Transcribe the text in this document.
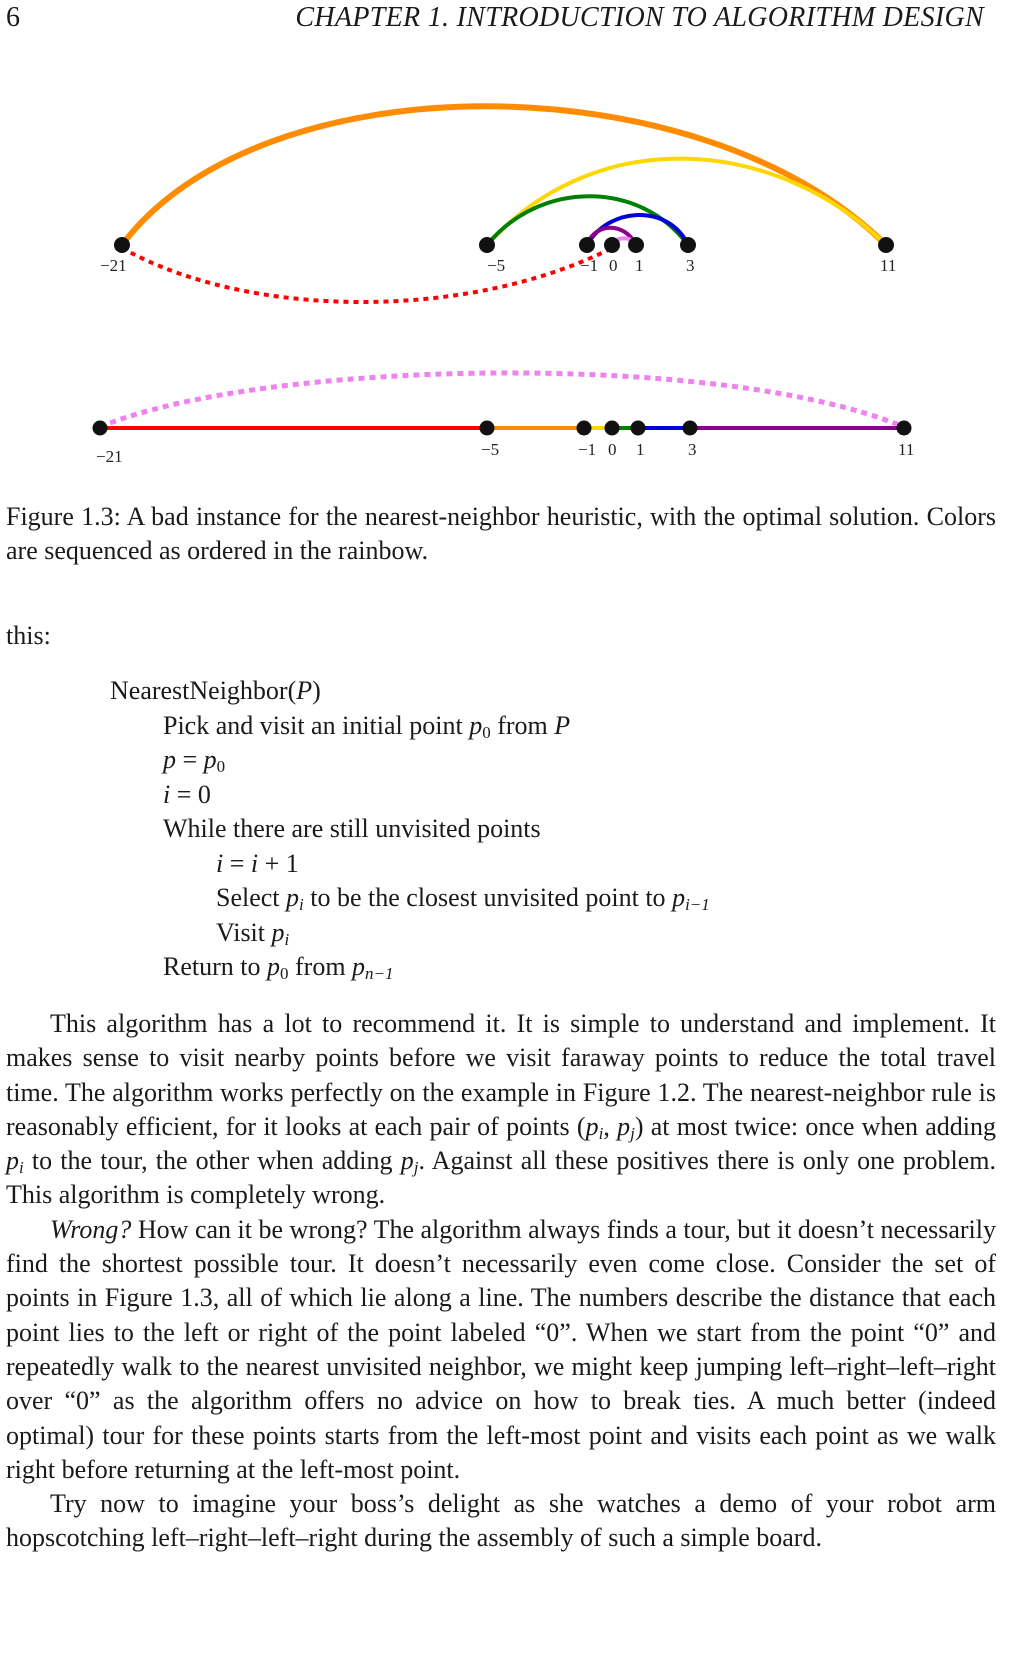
6	CHAPTER 1. INTRODUCTION TO ALGORITHM DESIGN
−21	−5	−1 0 1	3	11
−21	−5	−1 0 1	3	11
Figure 1.3: A bad instance for the nearest-neighbor heuristic, with the optimal solution. Colors are sequenced as ordered in the rainbow.
this:
NearestNeighbor(P)
Pick and visit an initial point $p_0$ from P
$p = p_0$
i = 0
While there are still unvisited points
i = i + 1
Select $p_i$ to be the closest unvisited point to $p_{i-1}$
Visit $p_i$
Return to $p_0$ from $p_{n-1}$

This algorithm has a lot to recommend it. It is simple to understand and implement. It makes sense to visit nearby points before we visit faraway points to reduce the total travel time. The algorithm works perfectly on the example in Figure 1.2. The nearest-neighbor rule is reasonably efficient, for it looks at each pair of points ($p_i$, $p_j$) at most twice: once when adding $p_i$ to the tour, the other when adding $p_j$. Against all these positives there is only one problem. This algorithm is completely wrong.

Wrong? How can it be wrong? The algorithm always finds a tour, but it doesn’t necessarily find the shortest possible tour. It doesn’t necessarily even come close. Consider the set of points in Figure 1.3, all of which lie along a line. The numbers describe the distance that each point lies to the left or right of the point labeled “0”. When we start from the point “0” and repeatedly walk to the nearest unvisited neighbor, we might keep jumping left–right–left–right over “0” as the algorithm offers no advice on how to break ties. A much better (indeed optimal) tour for these points starts from the left-most point and visits each point as we walk right before returning at the left-most point.

Try now to imagine your boss’s delight as she watches a demo of your robot arm hopscotching left–right–left–right during the assembly of such a simple board.
